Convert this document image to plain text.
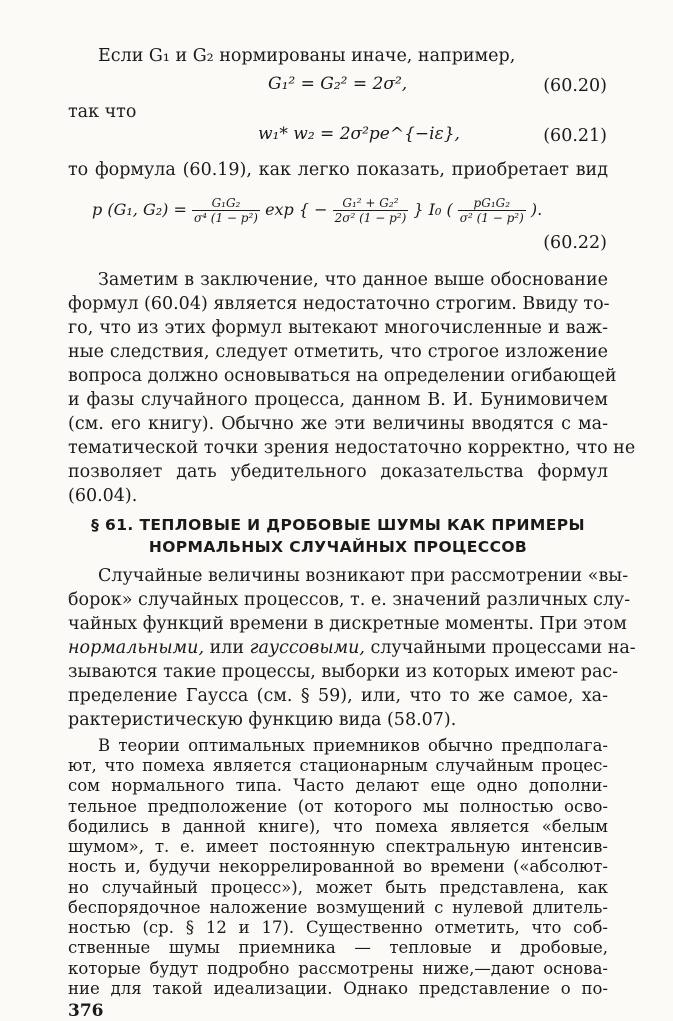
Если G₁ и G₂ нормированы иначе, например,
G₁² = G₂² = 2σ²,	(60.20)
так что
w₁* w₂ = 2σ²pe^{−iε},	(60.21)
то формула (60.19), как легко показать, приобретает вид
p (G₁, $G_2) = \frac{\text{G₁G₂}}{\text{σ⁴ (1 − p²)}}$ exp { − $\frac{\text{G₁² + G₂²}}{\text{2σ² (1 − p²)}}$ } I₀ ( $\frac{\text{pG₁G₂}}{\text{σ² (1 − p²)}}$ ).
(60.22)
Заметим в заключение, что данное выше обоснование
формул (60.04) является недостаточно строгим. Ввиду то-
го, что из этих формул вытекают многочисленные и важ-
ные следствия, следует отметить, что строгое изложение
вопроса должно основываться на определении огибающей
и фазы случайного процесса, данном В. И. Бунимовичем
(см. его книгу). Обычно же эти величины вводятся с ма-
тематической точки зрения недостаточно корректно, что не
позволяет дать убедительного доказательства формул
(60.04).
§ 61. ТЕПЛОВЫЕ И ДРОБОВЫЕ ШУМЫ КАК ПРИМЕРЫ
НОРМАЛЬНЫХ СЛУЧАЙНЫХ ПРОЦЕССОВ
Случайные величины возникают при рассмотрении «вы-
борок» случайных процессов, т. е. значений различных слу-
чайных функций времени в дискретные моменты. При этом
нормальными, или гауссовыми, случайными процессами на-
зываются такие процессы, выборки из которых имеют рас-
пределение Гаусса (см. § 59), или, что то же самое, ха-
рактеристическую функцию вида (58.07).
В теории оптимальных приемников обычно предполага-
ют, что помеха является стационарным случайным процес-
сом нормального типа. Часто делают еще одно дополни-
тельное предположение (от которого мы полностью осво-
бодились в данной книге), что помеха является «белым
шумом», т. е. имеет постоянную спектральную интенсив-
ность и, будучи некоррелированной во времени («абсолют-
но случайный процесс»), может быть представлена, как
беспорядочное наложение возмущений с нулевой длитель-
ностью (ср. § 12 и 17). Существенно отметить, что соб-
ственные шумы приемника — тепловые и дробовые,
376
которые будут подробно рассмотрены ниже,—дают основа-
ние для такой идеализации. Однако представление о по-
